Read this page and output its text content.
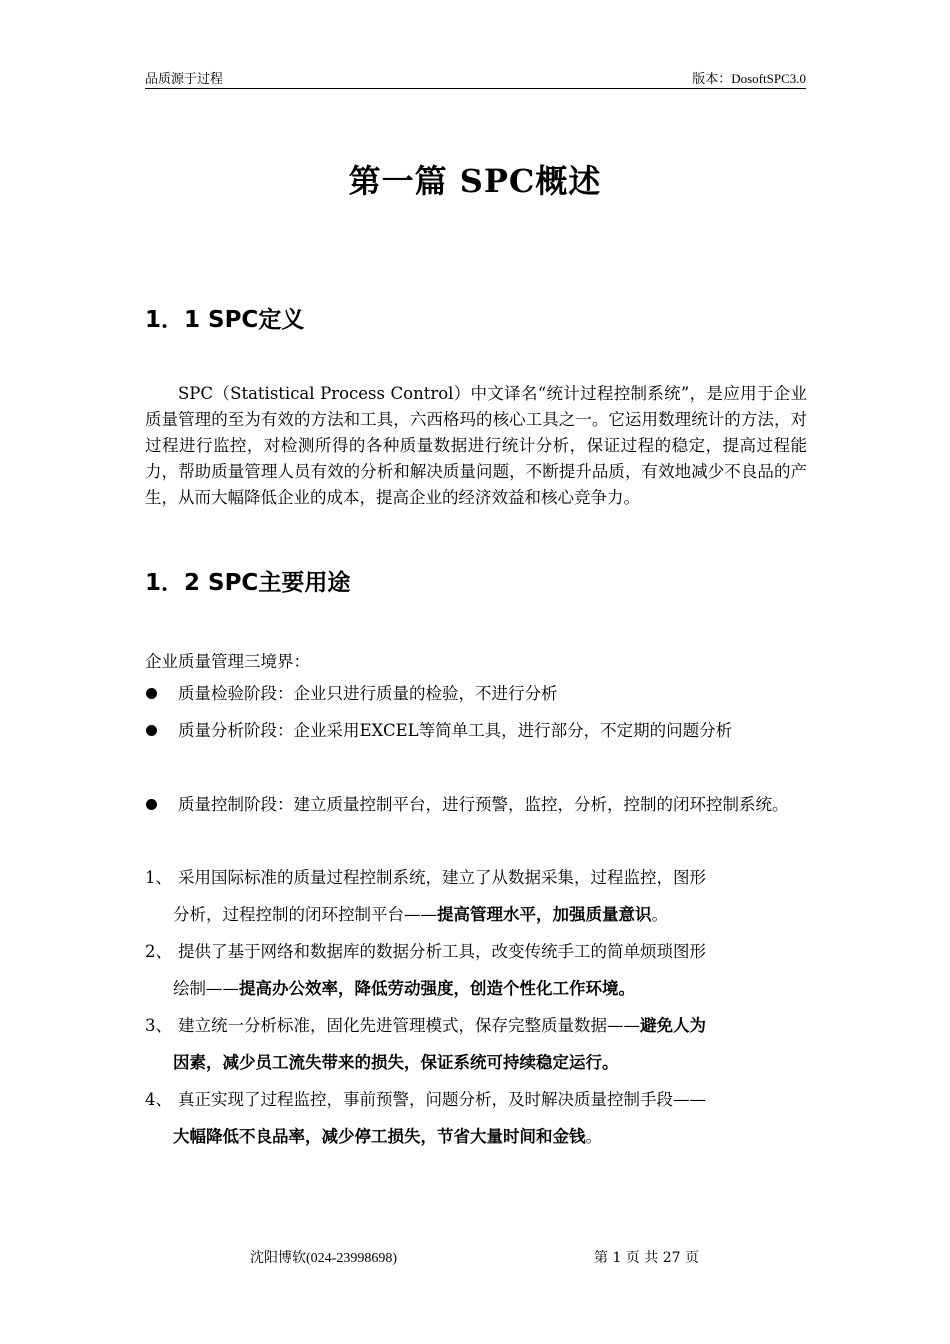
品质源于过程	版本：DosoftSPC3.0
第一篇 SPC概述
1．1 SPC定义
SPC（Statistical Process Control）中文译名“统计过程控制系统”，是应用于企业质量管理的至为有效的方法和工具，六西格玛的核心工具之一。它运用数理统计的方法，对过程进行监控，对检测所得的各种质量数据进行统计分析，保证过程的稳定，提高过程能力，帮助质量管理人员有效的分析和解决质量问题，不断提升品质，有效地减少不良品的产生，从而大幅降低企业的成本，提高企业的经济效益和核心竞争力。
1．2 SPC主要用途
企业质量管理三境界：
质量检验阶段：企业只进行质量的检验，不进行分析
质量分析阶段：企业采用EXCEL等简单工具，进行部分，不定期的问题分析
质量控制阶段：建立质量控制平台，进行预警，监控，分析，控制的闭环控制系统。
1、 采用国际标准的质量过程控制系统，建立了从数据采集，过程监控，图形
分析，过程控制的闭环控制平台——提高管理水平，加强质量意识。
2、 提供了基于网络和数据库的数据分析工具，改变传统手工的简单烦琐图形
绘制——提高办公效率，降低劳动强度，创造个性化工作环境。
3、 建立统一分析标准，固化先进管理模式，保存完整质量数据——避免人为
因素，减少员工流失带来的损失，保证系统可持续稳定运行。
4、 真正实现了过程监控，事前预警，问题分析，及时解决质量控制手段——
大幅降低不良品率，减少停工损失，节省大量时间和金钱。
沈阳博软(024-23998698)	第 1 页 共 27 页
